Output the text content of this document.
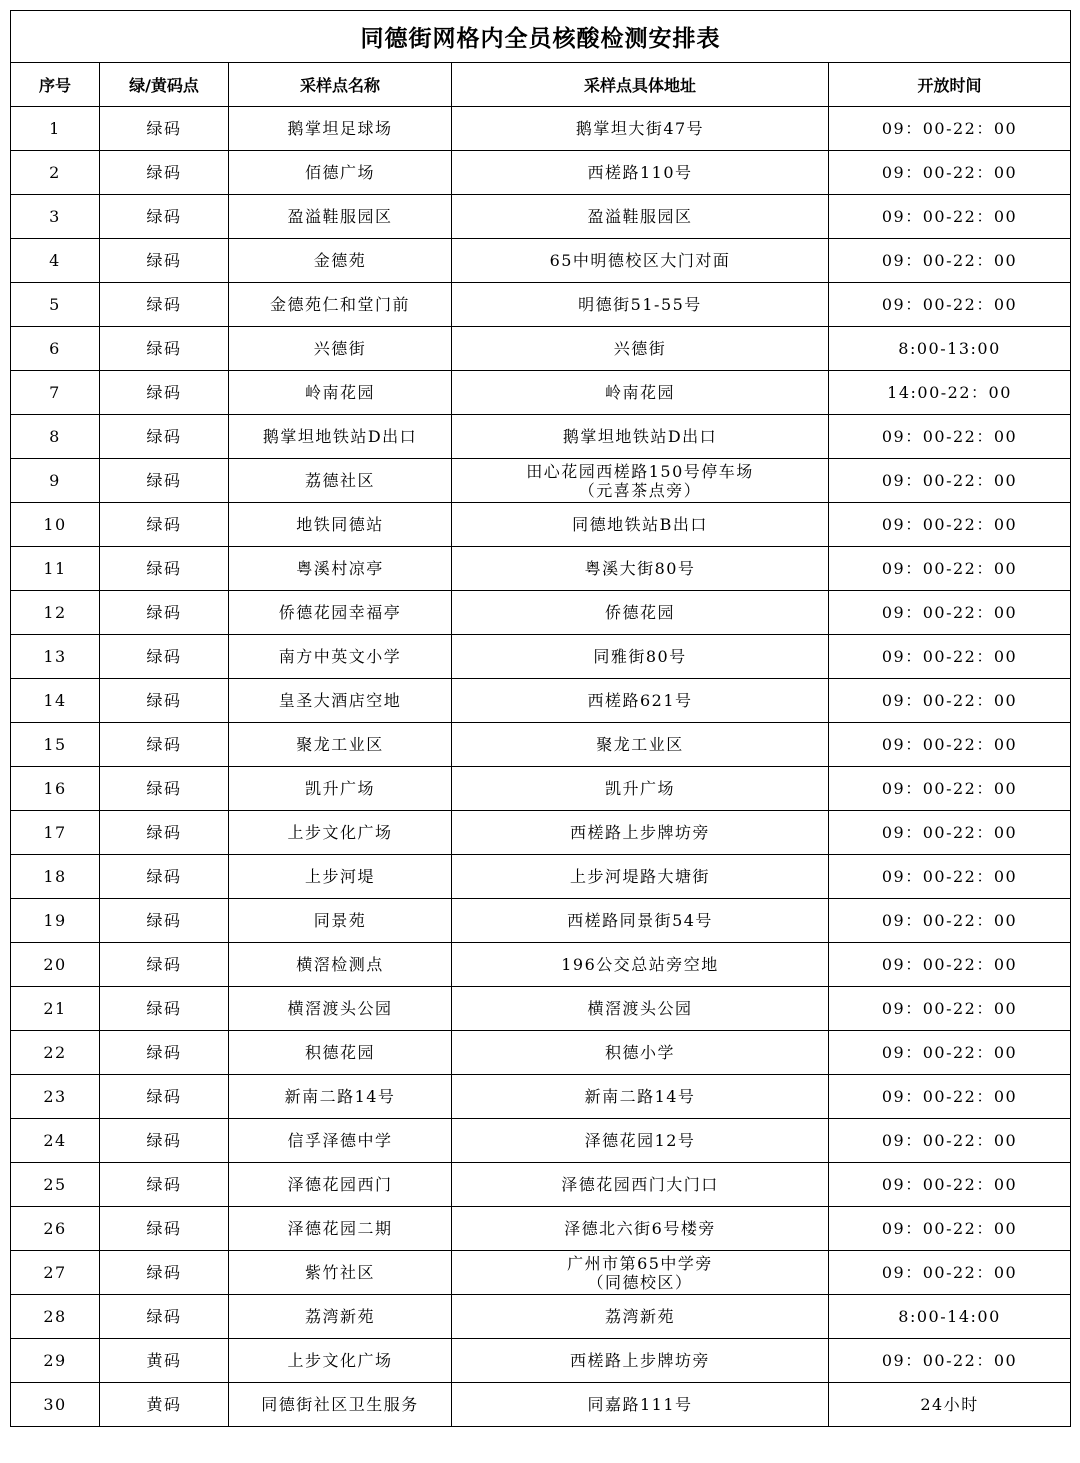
同德街网格内全员核酸检测安排表				
序号	绿/黄码点	采样点名称	采样点具体地址	开放时间
1	绿码	鹅掌坦足球场	鹅掌坦大街47号	09：00-22：00
2	绿码	佰德广场	西槎路110号	09：00-22：00
3	绿码	盈溢鞋服园区	盈溢鞋服园区	09：00-22：00
4	绿码	金德苑	65中明德校区大门对面	09：00-22：00
5	绿码	金德苑仁和堂门前	明德街51-55号	09：00-22：00
6	绿码	兴德街	兴德街	8:00-13:00
7	绿码	岭南花园	岭南花园	14:00-22：00
8	绿码	鹅掌坦地铁站D出口	鹅掌坦地铁站D出口	09：00-22：00
9	绿码	荔德社区	田心花园西槎路150号停车场
（元喜茶点旁）	09：00-22：00
10	绿码	地铁同德站	同德地铁站B出口	09：00-22：00
11	绿码	粤溪村凉亭	粤溪大街80号	09：00-22：00
12	绿码	侨德花园幸福亭	侨德花园	09：00-22：00
13	绿码	南方中英文小学	同雅街80号	09：00-22：00
14	绿码	皇圣大酒店空地	西槎路621号	09：00-22：00
15	绿码	聚龙工业区	聚龙工业区	09：00-22：00
16	绿码	凯升广场	凯升广场	09：00-22：00
17	绿码	上步文化广场	西槎路上步牌坊旁	09：00-22：00
18	绿码	上步河堤	上步河堤路大塘街	09：00-22：00
19	绿码	同景苑	西槎路同景街54号	09：00-22：00
20	绿码	横滘检测点	196公交总站旁空地	09：00-22：00
21	绿码	横滘渡头公园	横滘渡头公园	09：00-22：00
22	绿码	积德花园	积德小学	09：00-22：00
23	绿码	新南二路14号	新南二路14号	09：00-22：00
24	绿码	信孚泽德中学	泽德花园12号	09：00-22：00
25	绿码	泽德花园西门	泽德花园西门大门口	09：00-22：00
26	绿码	泽德花园二期	泽德北六街6号楼旁	09：00-22：00
27	绿码	紫竹社区	广州市第65中学旁
（同德校区）	09：00-22：00
28	绿码	荔湾新苑	荔湾新苑	8:00-14:00
29	黄码	上步文化广场	西槎路上步牌坊旁	09：00-22：00
30	黄码	同德街社区卫生服务	同嘉路111号	24小时
